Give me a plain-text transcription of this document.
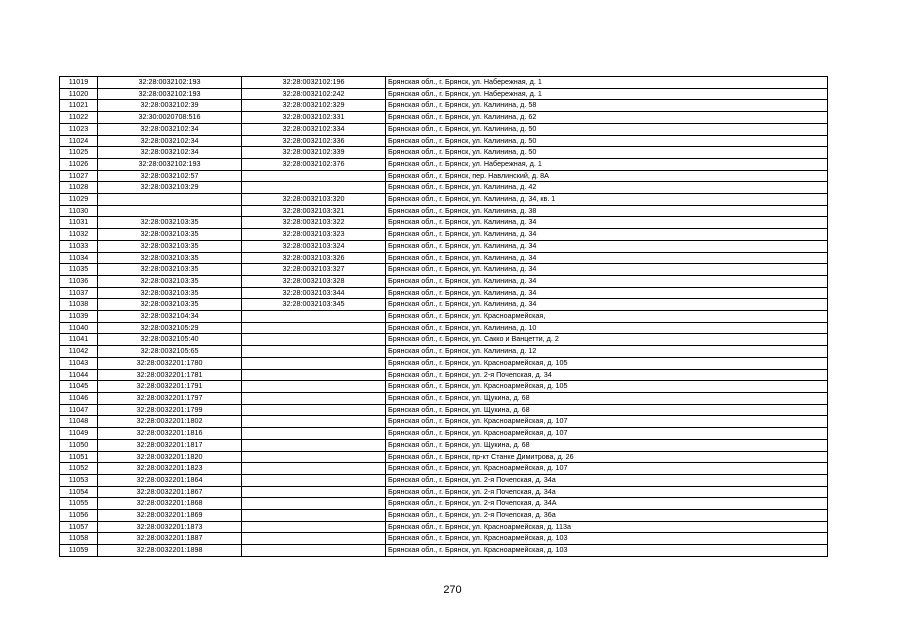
11019	32:28:0032102:193	32:28:0032102:196	Брянская обл., г. Брянск, ул. Набережная, д. 1
11020	32:28:0032102:193	32:28:0032102:242	Брянская обл., г. Брянск, ул. Набережная, д. 1
11021	32:28:0032102:39	32:28:0032102:329	Брянская обл., г. Брянск, ул. Калинина, д. 58
11022	32:30:0020708:516	32:28:0032102:331	Брянская обл., г. Брянск, ул. Калинина, д. 62
11023	32:28:0032102:34	32:28:0032102:334	Брянская обл., г. Брянск, ул. Калинина, д. 50
11024	32:28:0032102:34	32:28:0032102:336	Брянская обл., г. Брянск, ул. Калинина, д. 50
11025	32:28:0032102:34	32:28:0032102:339	Брянская обл., г. Брянск, ул. Калинина, д. 50
11026	32:28:0032102:193	32:28:0032102:376	Брянская обл., г. Брянск, ул. Набережная, д. 1
11027	32:28:0032102:57		Брянская обл., г. Брянск, пер. Навлинский, д. 8А
11028	32:28:0032103:29		Брянская обл., г. Брянск, ул. Калинина, д. 42
11029		32:28:0032103:320	Брянская обл., г. Брянск, ул. Калинина, д. 34, кв. 1
11030		32:28:0032103:321	Брянская обл., г. Брянск, ул. Калинина, д. 38
11031	32:28:0032103:35	32:28:0032103:322	Брянская обл., г. Брянск, ул. Калинина, д. 34
11032	32:28:0032103:35	32:28:0032103:323	Брянская обл., г. Брянск, ул. Калинина, д. 34
11033	32:28:0032103:35	32:28:0032103:324	Брянская обл., г. Брянск, ул. Калинина, д. 34
11034	32:28:0032103:35	32:28:0032103:326	Брянская обл., г. Брянск, ул. Калинина, д. 34
11035	32:28:0032103:35	32:28:0032103:327	Брянская обл., г. Брянск, ул. Калинина, д. 34
11036	32:28:0032103:35	32:28:0032103:328	Брянская обл., г. Брянск, ул. Калинина, д. 34
11037	32:28:0032103:35	32:28:0032103:344	Брянская обл., г. Брянск, ул. Калинина, д. 34
11038	32:28:0032103:35	32:28:0032103:345	Брянская обл., г. Брянск, ул. Калинина, д. 34
11039	32:28:0032104:34		Брянская обл., г. Брянск, ул. Красноармейская,
11040	32:28:0032105:29		Брянская обл., г. Брянск, ул. Калинина, д. 10
11041	32:28:0032105:40		Брянская обл., г. Брянск, ул. Сакко и Ванцетти, д. 2
11042	32:28:0032105:65		Брянская обл., г. Брянск, ул. Калинина, д. 12
11043	32:28:0032201:1780		Брянская обл., г. Брянск, ул. Красноармейская, д. 105
11044	32:28:0032201:1781		Брянская обл., г. Брянск, ул. 2-я Почепская, д. 34
11045	32:28:0032201:1791		Брянская обл., г. Брянск, ул. Красноармейская, д. 105
11046	32:28:0032201:1797		Брянская обл., г. Брянск, ул. Щукина, д. 68
11047	32:28:0032201:1799		Брянская обл., г. Брянск, ул. Щукина, д. 68
11048	32:28:0032201:1802		Брянская обл., г. Брянск, ул. Красноармейская, д. 107
11049	32:28:0032201:1816		Брянская обл., г. Брянск, ул. Красноармейская, д. 107
11050	32:28:0032201:1817		Брянская обл., г. Брянск, ул. Щукина, д. 68
11051	32:28:0032201:1820		Брянская обл., г. Брянск, пр-кт Станке Димитрова, д. 26
11052	32:28:0032201:1823		Брянская обл., г. Брянск, ул. Красноармейская, д. 107
11053	32:28:0032201:1864		Брянская обл., г. Брянск, ул. 2-я Почепская, д. 34а
11054	32:28:0032201:1867		Брянская обл., г. Брянск, ул. 2-я Почепская, д. 34а
11055	32:28:0032201:1868		Брянская обл., г. Брянск, ул. 2-я Почепская, д. 34А
11056	32:28:0032201:1869		Брянская обл., г. Брянск, ул. 2-я Почепская, д. 36а
11057	32:28:0032201:1873		Брянская обл., г. Брянск, ул. Красноармейская, д. 113а
11058	32:28:0032201:1887		Брянская обл., г. Брянск, ул. Красноармейская, д. 103
11059	32:28:0032201:1898		Брянская обл., г. Брянск, ул. Красноармейская, д. 103
270
